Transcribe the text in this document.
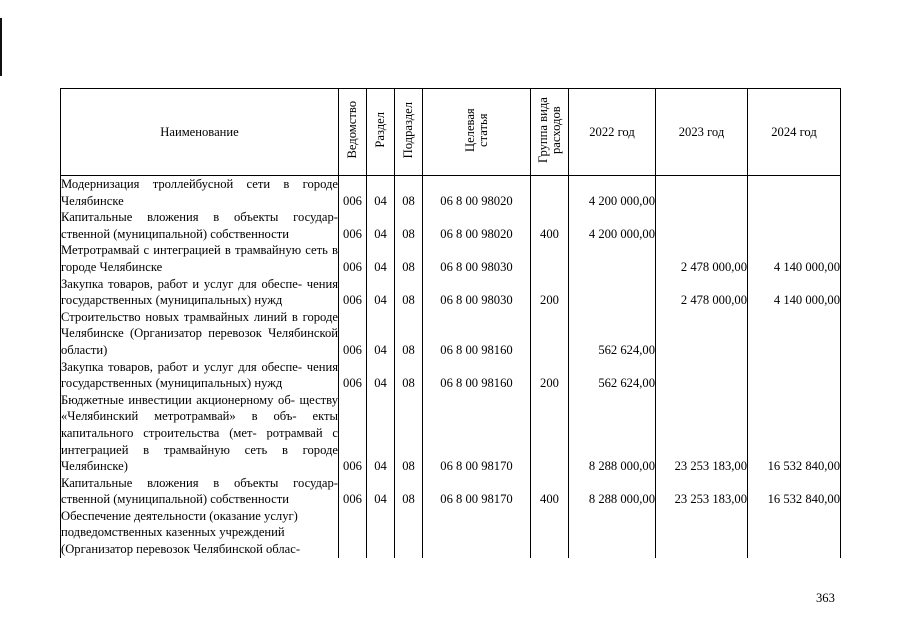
Наименование	Ведомство	Раздел	Подраздел	Целевая статья	Группа вида расходов	2022 год	2023 год	2024 год
Модернизация троллейбусной сети в городе Челябинске	006	04	08	06 8 00 98020		4 200 000,00		
Капитальные вложения в объекты государ- ственной (муниципальной) собственности	006	04	08	06 8 00 98020	400	4 200 000,00		
Метротрамвай с интеграцией в трамвайную сеть в городе Челябинске	006	04	08	06 8 00 98030			2 478 000,00	4 140 000,00
Закупка товаров, работ и услуг для обеспе- чения государственных (муниципальных) нужд	006	04	08	06 8 00 98030	200		2 478 000,00	4 140 000,00
Строительство новых трамвайных линий в городе Челябинске (Организатор перевозок Челябинской области)	006	04	08	06 8 00 98160		562 624,00		
Закупка товаров, работ и услуг для обеспе- чения государственных (муниципальных) нужд	006	04	08	06 8 00 98160	200	562 624,00		
Бюджетные инвестиции акционерному об- ществу «Челябинский метротрамвай» в объ- екты капитального строительства (мет- ротрамвай с интеграцией в трамвайную сеть в городе Челябинске)	006	04	08	06 8 00 98170		8 288 000,00	23 253 183,00	16 532 840,00
Капитальные вложения в объекты государ- ственной (муниципальной) собственности	006	04	08	06 8 00 98170	400	8 288 000,00	23 253 183,00	16 532 840,00
Обеспечение деятельности (оказание услуг) подведомственных казенных учреждений (Организатор перевозок Челябинской облас-								
363
